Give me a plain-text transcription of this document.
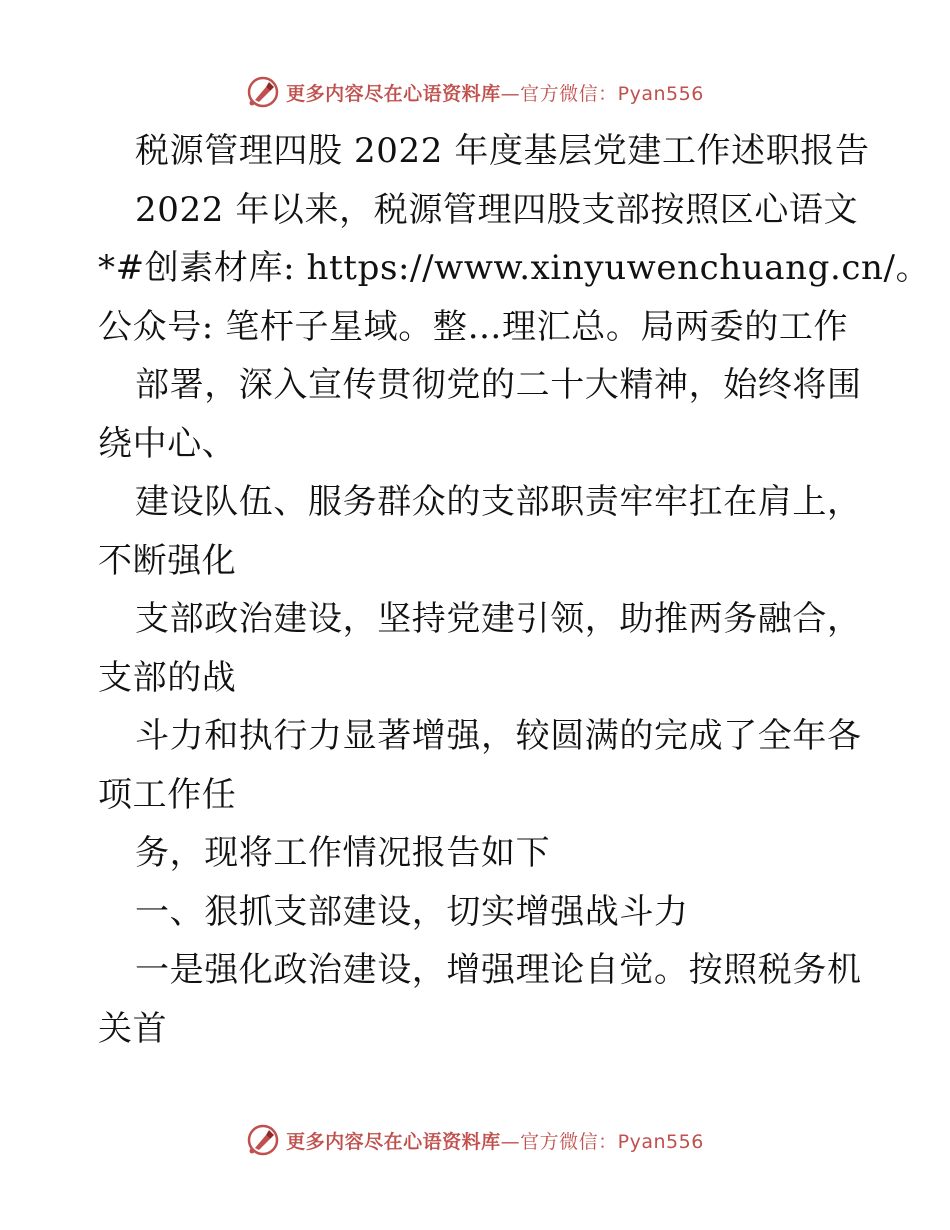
更多内容尽在心语资料库—官方微信：Pyan556
税源管理四股 2022 年度基层党建工作述职报告
2022 年以来，税源管理四股支部按照区心语文
*#创素材库: https://www.xinyuwenchuang.cn/。
公众号: 笔杆子星域。整…理汇总。局两委的工作
部署，深入宣传贯彻党的二十大精神，始终将围
绕中心、
建设队伍、服务群众的支部职责牢牢扛在肩上，
不断强化
支部政治建设，坚持党建引领，助推两务融合，
支部的战
斗力和执行力显著增强，较圆满的完成了全年各
项工作任
务，现将工作情况报告如下
一、狠抓支部建设，切实增强战斗力
一是强化政治建设，增强理论自觉。按照税务机
关首
更多内容尽在心语资料库—官方微信：Pyan556
